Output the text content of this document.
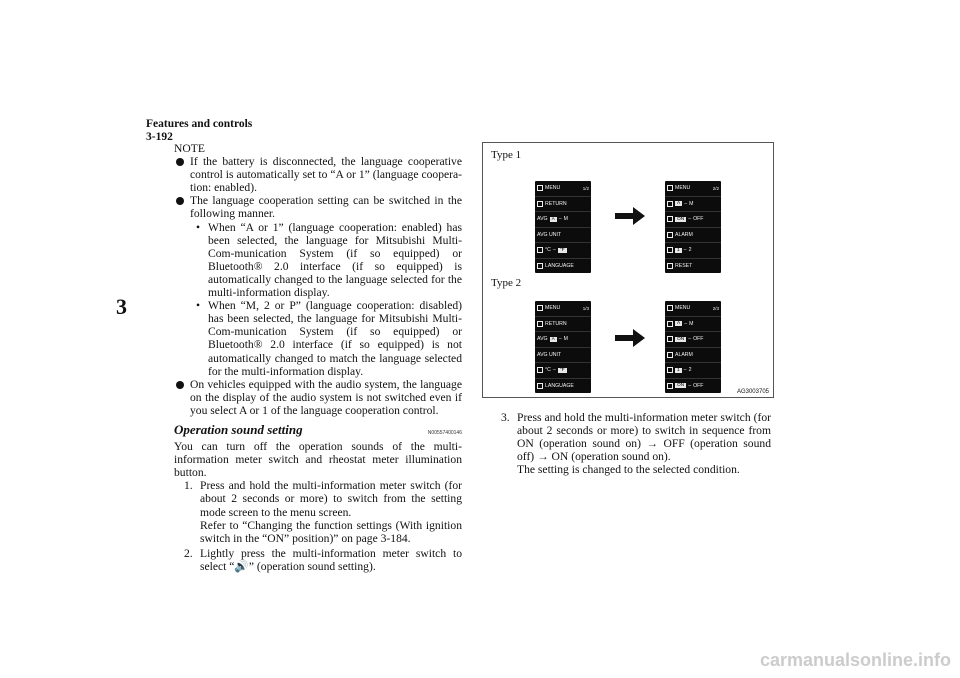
Features and controls
3-192
3

NOTE

If the battery is disconnected, the language cooperative control is automatically set to “A or 1” (language coopera-tion: enabled).
The language cooperation setting can be switched in the following manner.
• When “A or 1” (language cooperation: enabled) has been selected, the language for Mitsubishi Multi-Com-munication System (if so equipped) or Bluetooth® 2.0 interface (if so equipped) is automatically changed to the language selected for the multi-information display.
• When “M, 2 or P” (language cooperation: disabled) has been selected, the language for Mitsubishi Multi-Com-munication System (if so equipped) or Bluetooth® 2.0 interface (if so equipped) is not automatically changed to match the language selected for the multi-information display.
On vehicles equipped with the audio system, the language on the display of the audio system is not switched even if you select A or 1 of the language cooperation control.
Operation sound setting	N00557400146

You can turn off the operation sounds of the multi-information meter switch and rheostat meter illumination button.

1. Press and hold the multi-information meter switch (for about 2 seconds or more) to switch from the setting mode screen to the menu screen.
Refer to “Changing the function settings (With ignition switch in the “ON” position)” on page 3-184.
2. Lightly press the multi-information meter switch to select “🔊” (operation sound setting).
Type 1
Type 2
MENU	1/2
RETURN
AVG A – M
AVG UNIT
°C – °F
LANGUAGE
MENU	2/2
A – M
ON – OFF
ALARM
1 – 2
RESET
MENU	1/3
RETURN
AVG A – M
AVG UNIT
°C – °F
LANGUAGE
MENU	2/3
A – M
ON – OFF
ALARM
1 – 2
ON – OFF
AG3003705
3. Press and hold the multi-information meter switch (for about 2 seconds or more) to switch in sequence from ON (operation sound on) → OFF (operation sound off) → ON (operation sound on).
The setting is changed to the selected condition.
carmanualsonline.info
